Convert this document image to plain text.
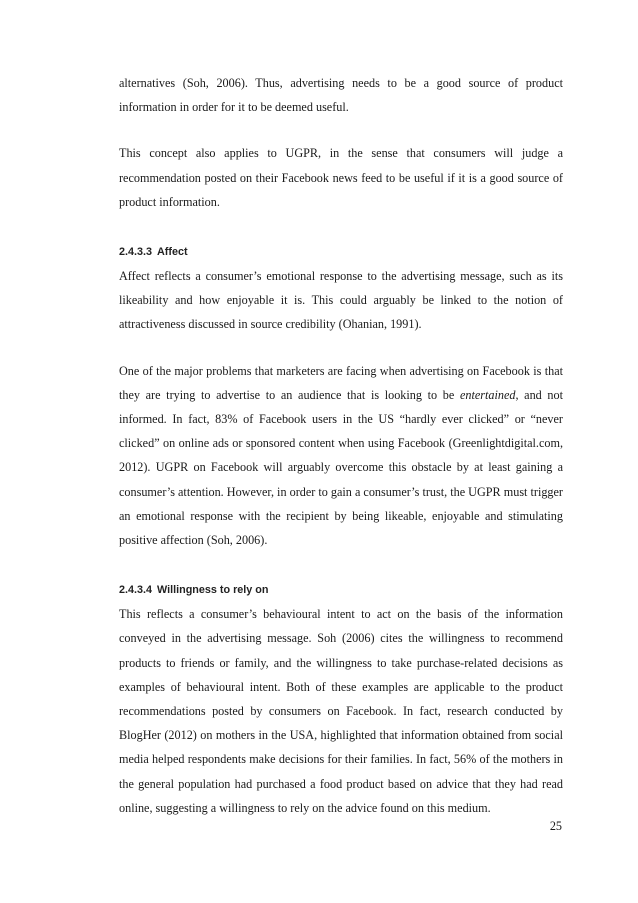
alternatives (Soh, 2006). Thus, advertising needs to be a good source of product information in order for it to be deemed useful.

This concept also applies to UGPR, in the sense that consumers will judge a recommendation posted on their Facebook news feed to be useful if it is a good source of product information.

2.4.3.3 Affect

Affect reflects a consumer’s emotional response to the advertising message, such as its likeability and how enjoyable it is. This could arguably be linked to the notion of attractiveness discussed in source credibility (Ohanian, 1991).

One of the major problems that marketers are facing when advertising on Facebook is that they are trying to advertise to an audience that is looking to be entertained, and not informed. In fact, 83% of Facebook users in the US “hardly ever clicked” or “never clicked” on online ads or sponsored content when using Facebook (Greenlightdigital.com, 2012). UGPR on Facebook will arguably overcome this obstacle by at least gaining a consumer’s attention. However, in order to gain a consumer’s trust, the UGPR must trigger an emotional response with the recipient by being likeable, enjoyable and stimulating positive affection (Soh, 2006).

2.4.3.4 Willingness to rely on

This reflects a consumer’s behavioural intent to act on the basis of the information conveyed in the advertising message. Soh (2006) cites the willingness to recommend products to friends or family, and the willingness to take purchase-related decisions as examples of behavioural intent. Both of these examples are applicable to the product recommendations posted by consumers on Facebook. In fact, research conducted by BlogHer (2012) on mothers in the USA, highlighted that information obtained from social media helped respondents make decisions for their families. In fact, 56% of the mothers in the general population had purchased a food product based on advice that they had read online, suggesting a willingness to rely on the advice found on this medium.

25
